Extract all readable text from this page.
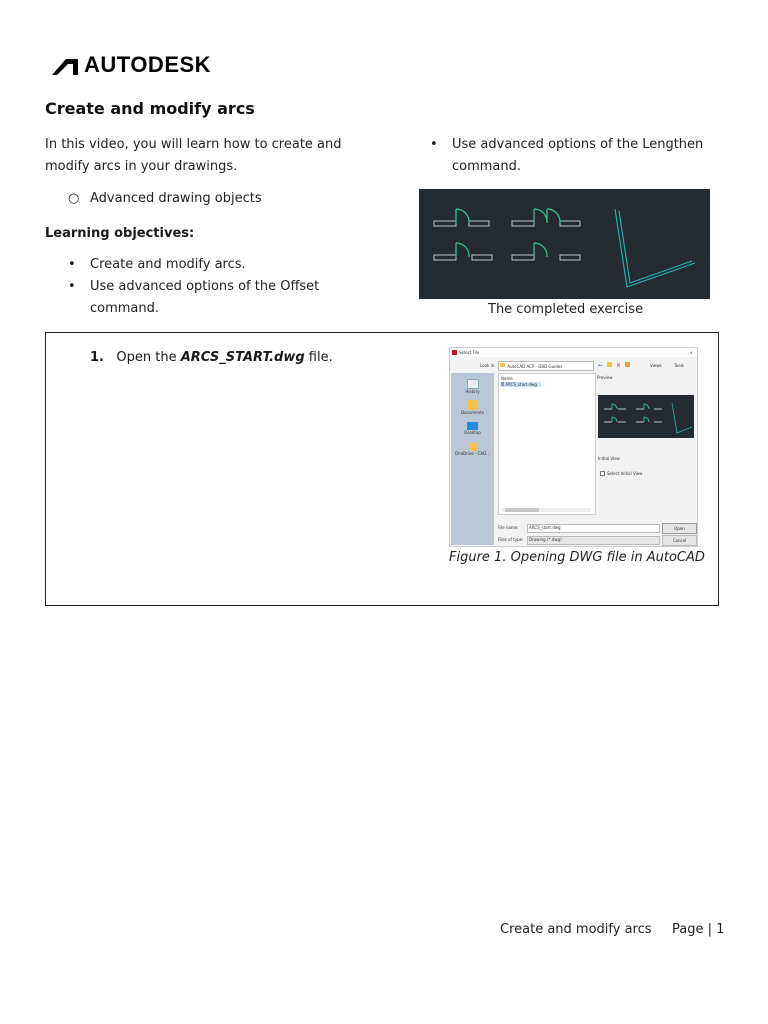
AUTODESK
Create and modify arcs
In this video, you will learn how to create and
modify arcs in your drawings.
○ Advanced drawing objects
Learning objectives:
•	Create and modify arcs.
•	Use advanced options of the Offset
command.
•	Use advanced options of the Lengthen
command.
The completed exercise
1. Open the ARCS_START.dwg file.	Select File	×
Look in:	AutoCAD ACP - DBD Guides	← ✕	Views	Tools
History
Documents
Desktop
OneDrive - CAD...
Name
ARCS_start.dwg
Preview
Initial View
Select Initial View
File name:	ARCS_start.dwg	Open
Files of type:	Drawing (*.dwg)	Cancel
Figure 1. Opening DWG file in AutoCAD
Create and modify arcs Page | 1
